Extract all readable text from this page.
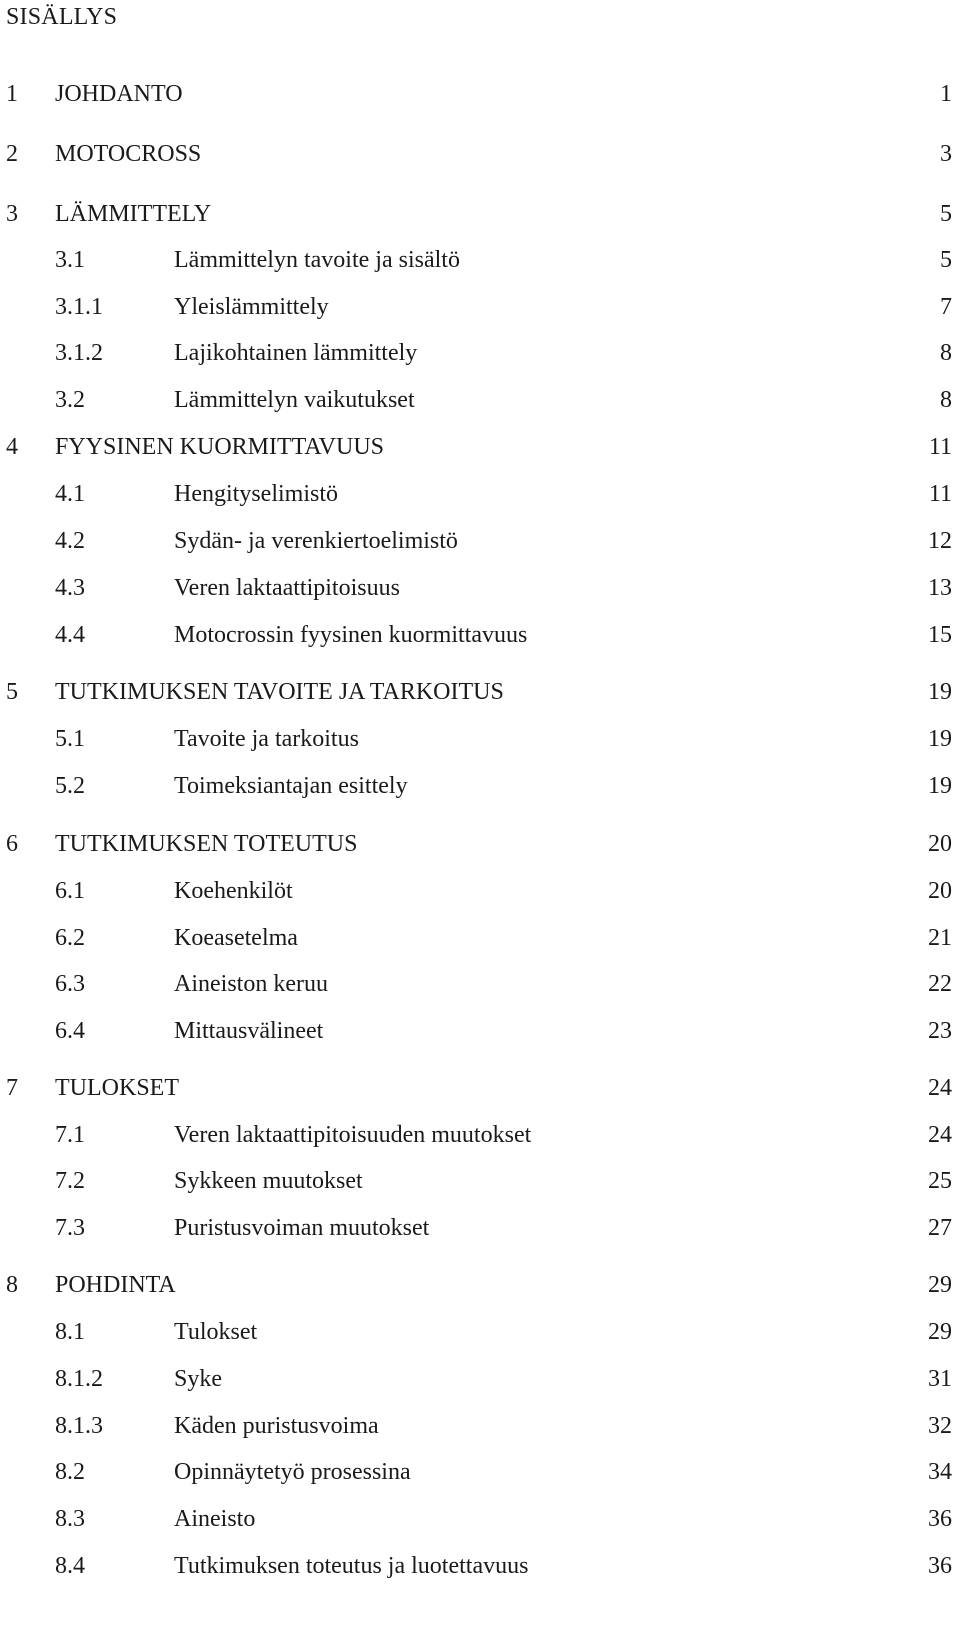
SISÄLLYS
1 JOHDANTO	1
2 MOTOCROSS	3
3 LÄMMITTELY	5
3.1	Lämmittelyn tavoite ja sisältö	5
3.1.1	Yleislämmittely	7
3.1.2	Lajikohtainen lämmittely	8
3.2	Lämmittelyn vaikutukset	8
4 FYYSINEN KUORMITTAVUUS	11
4.1	Hengityselimistö	11
4.2	Sydän- ja verenkiertoelimistö	12
4.3	Veren laktaattipitoisuus	13
4.4	Motocrossin fyysinen kuormittavuus	15
5 TUTKIMUKSEN TAVOITE JA TARKOITUS	19
5.1	Tavoite ja tarkoitus	19
5.2	Toimeksiantajan esittely	19
6 TUTKIMUKSEN TOTEUTUS	20
6.1	Koehenkilöt	20
6.2	Koeasetelma	21
6.3	Aineiston keruu	22
6.4	Mittausvälineet	23
7 TULOKSET	24
7.1	Veren laktaattipitoisuuden muutokset	24
7.2	Sykkeen muutokset	25
7.3	Puristusvoiman muutokset	27
8 POHDINTA	29
8.1	Tulokset	29
8.1.2	Syke	31
8.1.3	Käden puristusvoima	32
8.2	Opinnäytetyö prosessina	34
8.3	Aineisto	36
8.4	Tutkimuksen toteutus ja luotettavuus	36
